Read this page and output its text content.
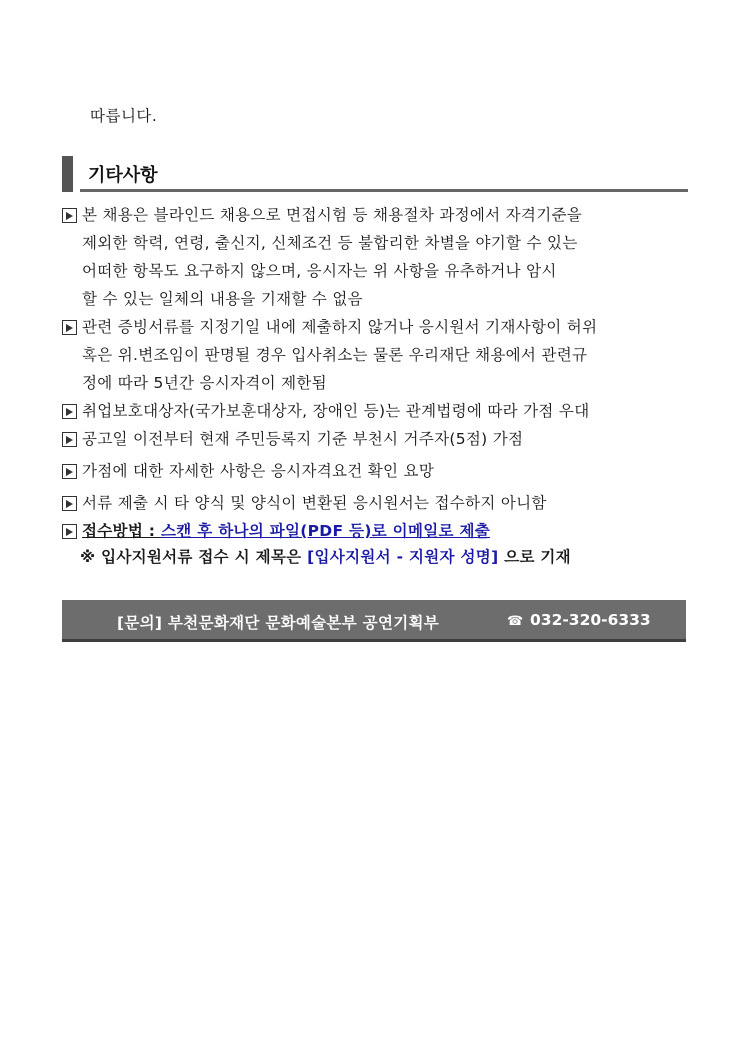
따릅니다.
기타사항
본 채용은 블라인드 채용으로 면접시험 등 채용절차 과정에서 자격기준을
제외한 학력, 연령, 출신지, 신체조건 등 불합리한 차별을 야기할 수 있는
어떠한 항목도 요구하지 않으며, 응시자는 위 사항을 유추하거나 암시
할 수 있는 일체의 내용을 기재할 수 없음
관련 증빙서류를 지정기일 내에 제출하지 않거나 응시원서 기재사항이 허위
혹은 위.변조임이 판명될 경우 입사취소는 물론 우리재단 채용에서 관련규
정에 따라 5년간 응시자격이 제한됨
취업보호대상자(국가보훈대상자, 장애인 등)는 관계법령에 따라 가점 우대
공고일 이전부터 현재 주민등록지 기준 부천시 거주자(5점) 가점
가점에 대한 자세한 사항은 응시자격요건 확인 요망
서류 제출 시 타 양식 및 양식이 변환된 응시원서는 접수하지 아니함
접수방법 : 스캔 후 하나의 파일(PDF 등)로 이메일로 제출
※ 입사지원서류 접수 시 제목은 [입사지원서 - 지원자 성명] 으로 기재
[문의] 부천문화재단 문화예술본부 공연기획부	☎ 032-320-6333
